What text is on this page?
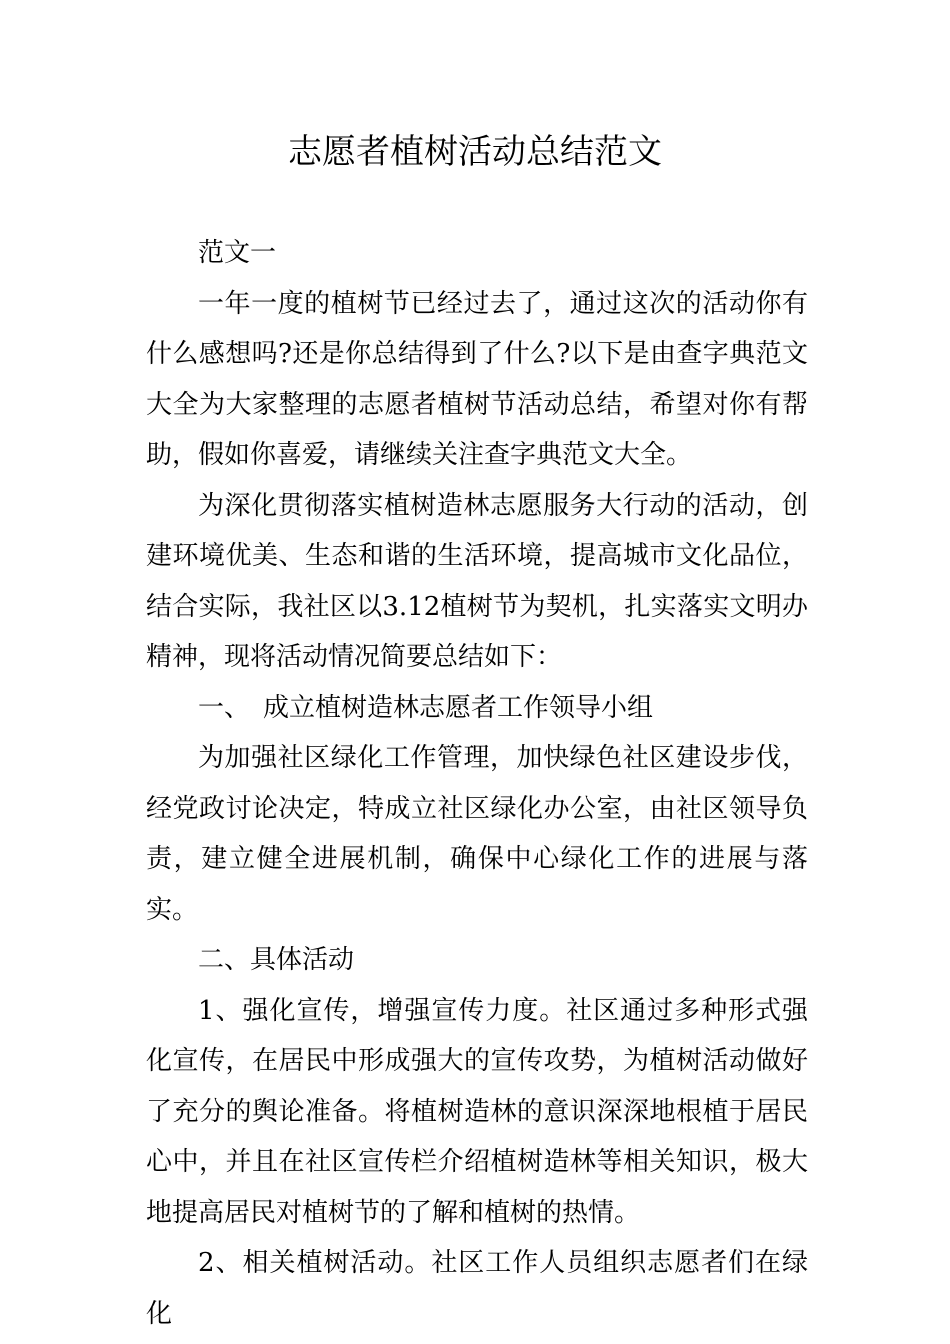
志愿者植树活动总结范文

范文一

一年一度的植树节已经过去了，通过这次的活动你有什么感想吗?还是你总结得到了什么?以下是由查字典范文大全为大家整理的志愿者植树节活动总结，希望对你有帮助，假如你喜爱，请继续关注查字典范文大全。

为深化贯彻落实植树造林志愿服务大行动的活动，创建环境优美、生态和谐的生活环境，提高城市文化品位，结合实际，我社区以3.12植树节为契机，扎实落实文明办精神，现将活动情况简要总结如下：

一、　成立植树造林志愿者工作领导小组

为加强社区绿化工作管理，加快绿色社区建设步伐，经党政讨论决定，特成立社区绿化办公室，由社区领导负责，建立健全进展机制，确保中心绿化工作的进展与落实。

二、具体活动

1、强化宣传，增强宣传力度。社区通过多种形式强化宣传，在居民中形成强大的宣传攻势，为植树活动做好了充分的舆论准备。将植树造林的意识深深地根植于居民心中，并且在社区宣传栏介绍植树造林等相关知识，极大地提高居民对植树节的了解和植树的热情。

2、相关植树活动。社区工作人员组织志愿者们在绿化
